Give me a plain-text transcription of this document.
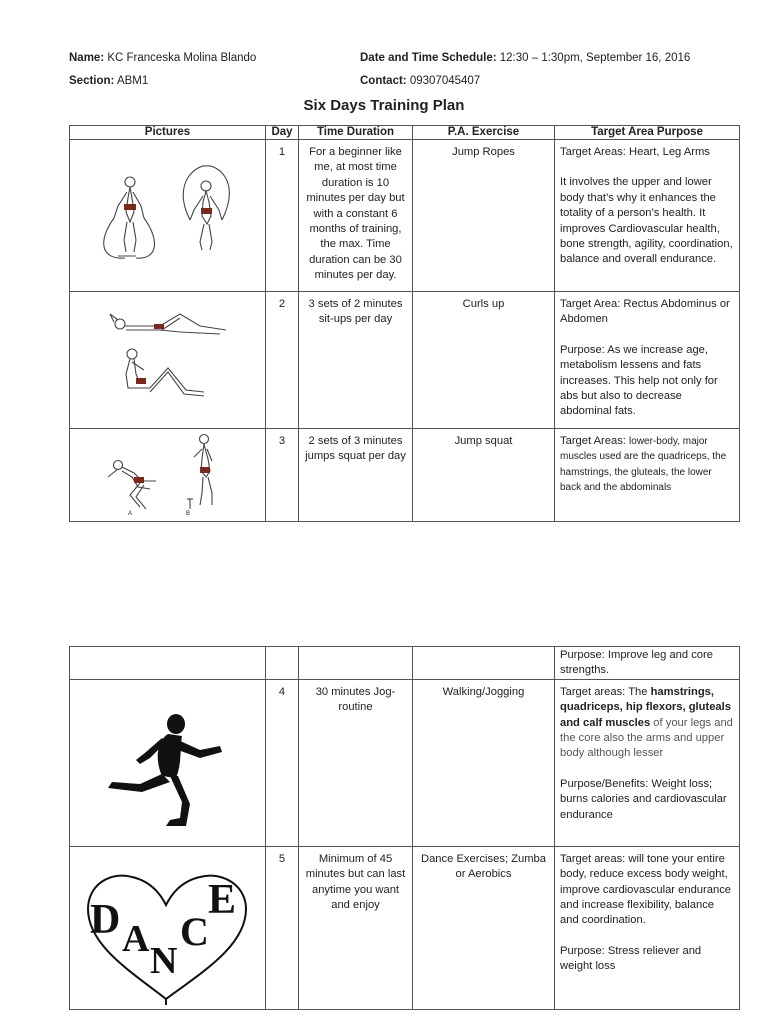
Name: KC Franceska Molina Blando	Date and Time Schedule: 12:30 – 1:30pm, September 16, 2016
Section: ABM1	Contact: 09307045407
Six Days Training Plan
Pictures	Day	Time Duration	P.A. Exercise	Target Area Purpose

	1	For a beginner like me, at most time duration is 10 minutes per day but with a constant 6 months of training, the max. Time duration can be 30 minutes per day.	Jump Ropes	Target Areas: Heart, Leg Arms
It involves the upper and lower body that’s why it enhances the totality of a person’s health. It improves Cardiovascular health, bone strength, agility, coordination, balance and overall endurance.

	2	3 sets of 2 minutes sit-ups per day	Curls up	Target Area: Rectus Abdominus or Abdomen
Purpose: As we increase age, metabolism lessens and fats increases. This help not only for abs but also to decrease abdominal fats.

A B	3	2 sets of 3 minutes jumps squat per day	Jump squat	Target Areas: lower-body, major muscles used are the quadriceps, the hamstrings, the gluteals, the lower back and the abdominals
				Purpose: Improve leg and core strengths.

	4	30 minutes Jog-routine	Walking/Jogging	Target areas: The hamstrings, quadriceps, hip flexors, gluteals and calf muscles of your legs and the core also the arms and upper body although lesser
Purpose/Benefits: Weight loss; burns calories and cardiovascular endurance

D A
N
C
E	5	Minimum of 45 minutes but can last anytime you want and enjoy	Dance Exercises; Zumba or Aerobics	Target areas: will tone your entire body, reduce excess body weight, improve cardiovascular endurance and increase flexibility, balance and coordination.
Purpose: Stress reliever and weight loss
